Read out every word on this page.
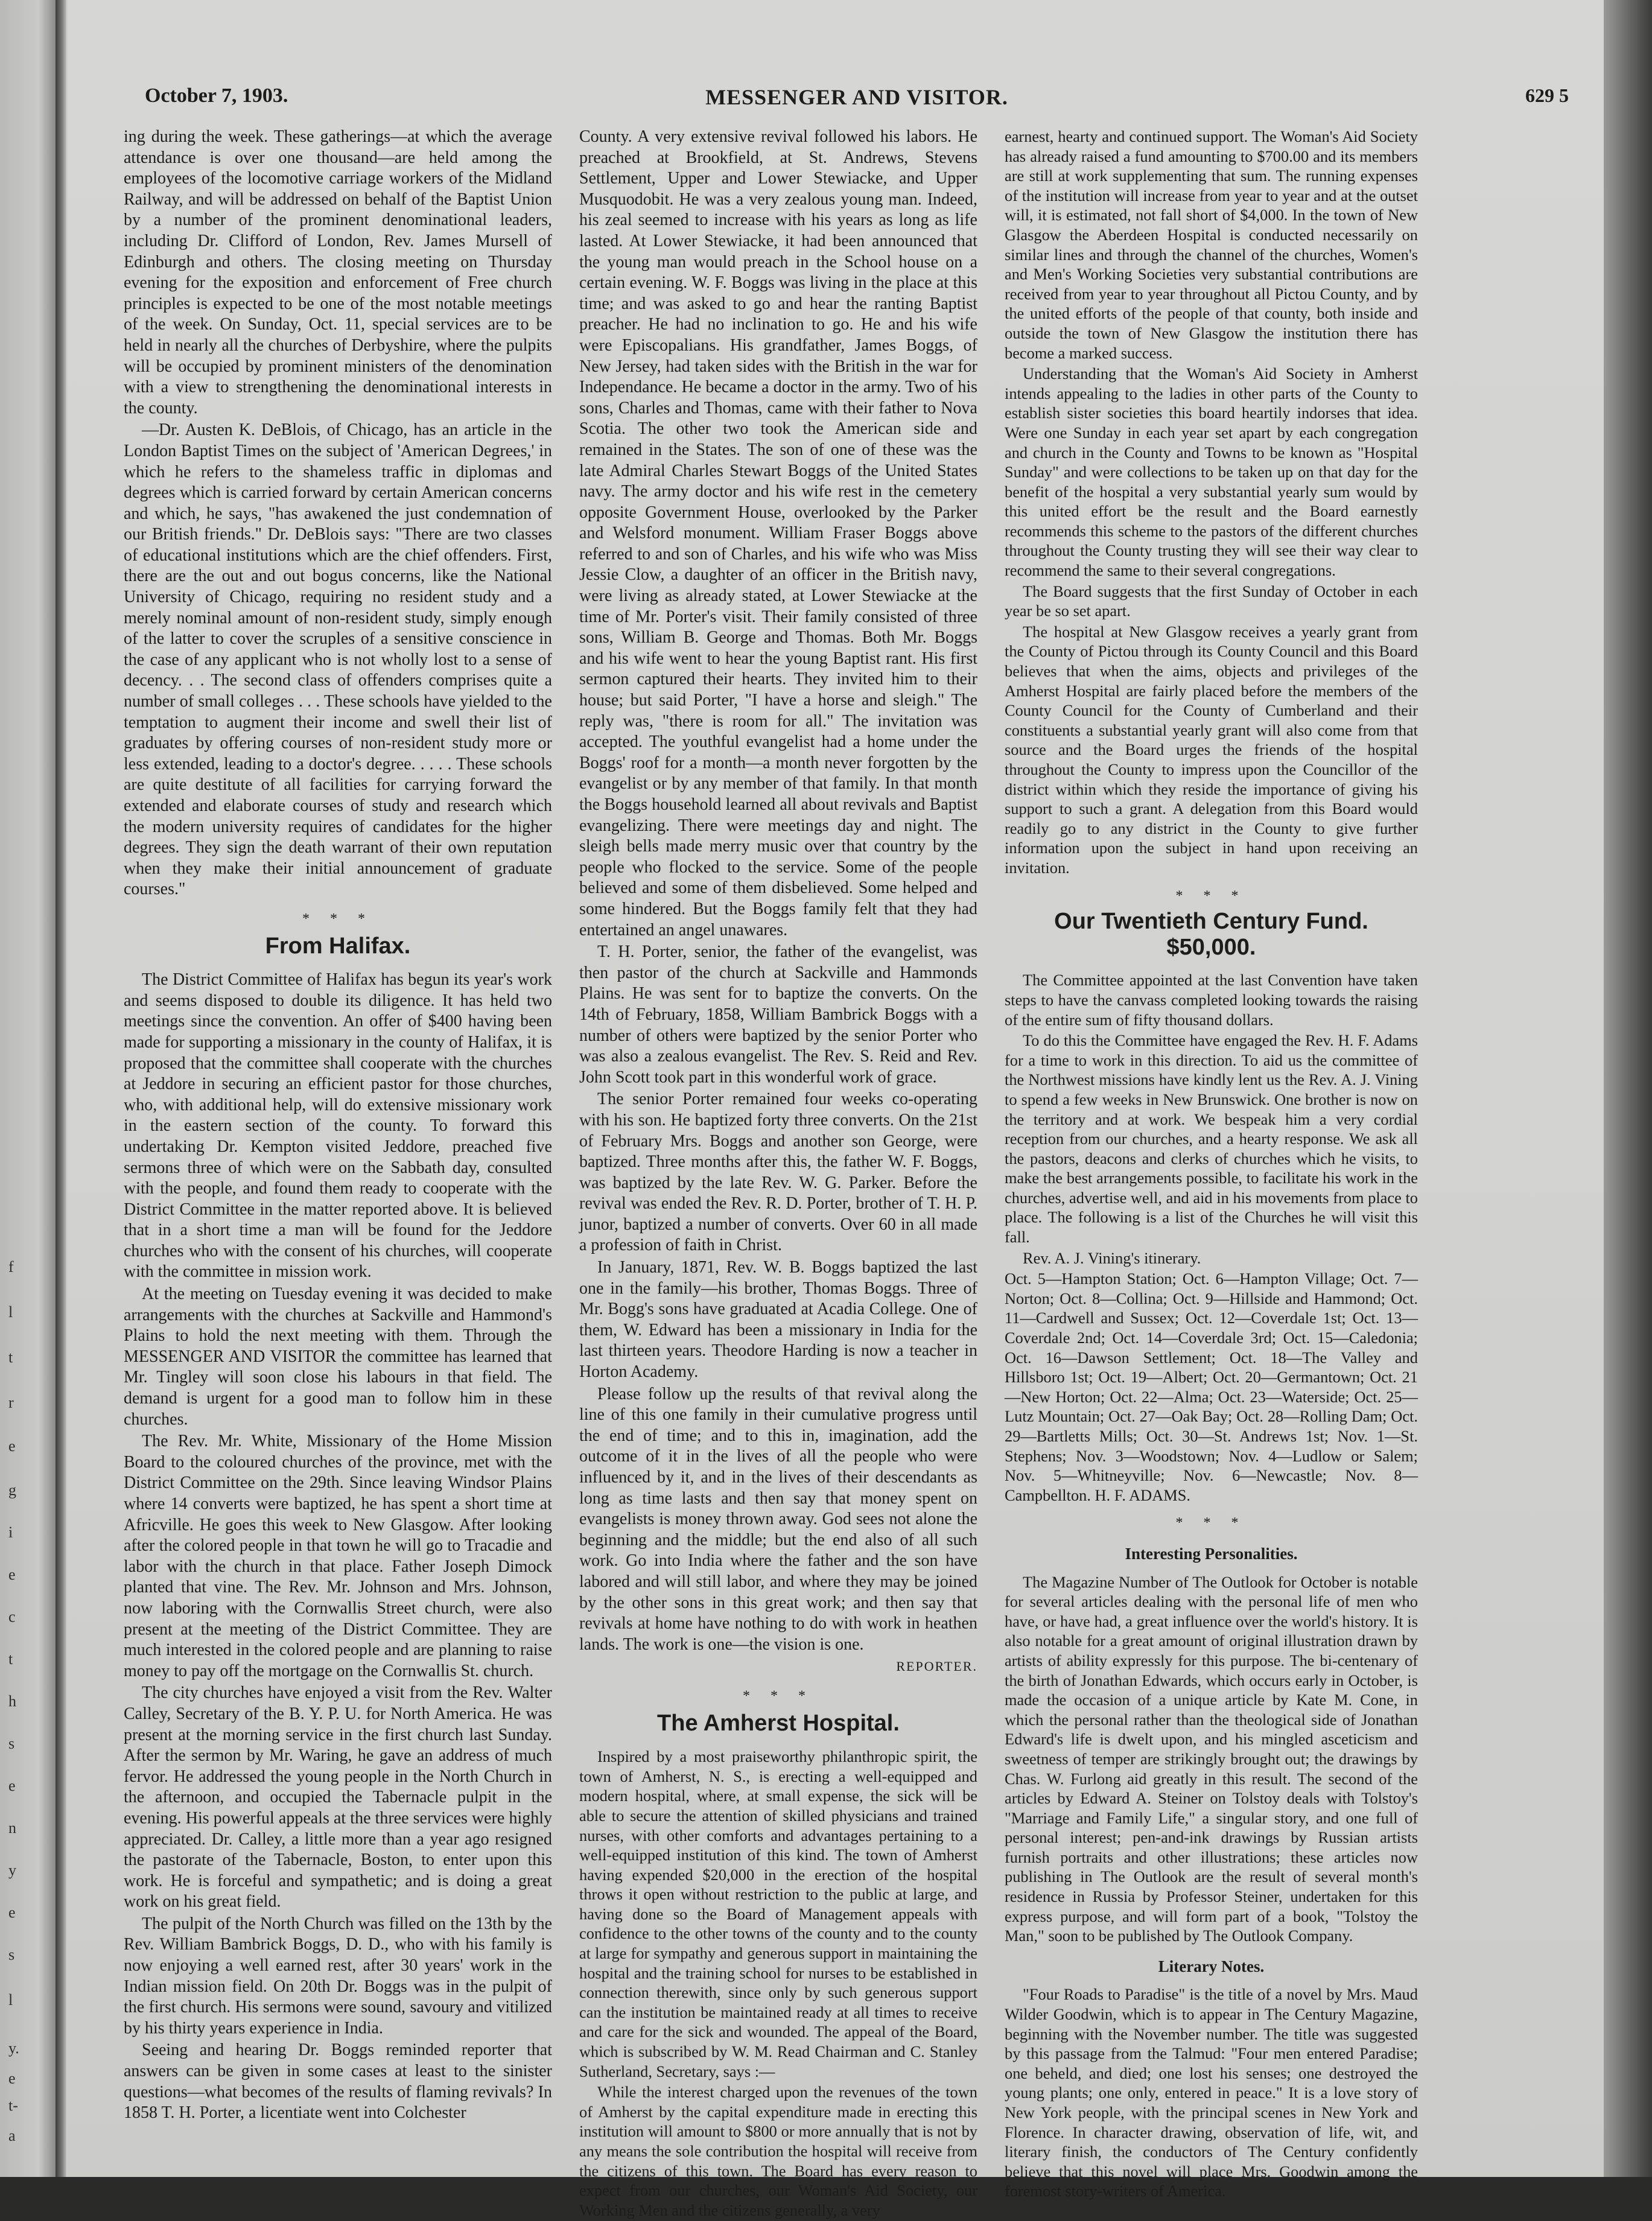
f
l
t
r
e
g
i
e
c
t
h
s
e
n
y
e
s
l
y.
e
t-
a
October 7, 1903.	MESSENGER AND VISITOR.	629 5

ing during the week. These gatherings—at which the average attendance is over one thousand—are held among the employees of the locomotive carriage workers of the Midland Railway, and will be addressed on behalf of the Baptist Union by a number of the prominent denominational leaders, including Dr. Clifford of London, Rev. James Mursell of Edinburgh and others. The closing meeting on Thursday evening for the exposition and enforcement of Free church principles is expected to be one of the most notable meetings of the week. On Sunday, Oct. 11, special services are to be held in nearly all the churches of Derbyshire, where the pulpits will be occupied by prominent ministers of the denomination with a view to strengthening the denominational interests in the county.

—Dr. Austen K. DeBlois, of Chicago, has an article in the London Baptist Times on the subject of 'American Degrees,' in which he refers to the shameless traffic in diplomas and degrees which is carried forward by certain American concerns and which, he says, "has awakened the just condemnation of our British friends." Dr. DeBlois says: "There are two classes of educational institutions which are the chief offenders. First, there are the out and out bogus concerns, like the National University of Chicago, requiring no resident study and a merely nominal amount of non-resident study, simply enough of the latter to cover the scruples of a sensitive conscience in the case of any applicant who is not wholly lost to a sense of decency. . . The second class of offenders comprises quite a number of small colleges . . . These schools have yielded to the temptation to augment their income and swell their list of graduates by offering courses of non-resident study more or less extended, leading to a doctor's degree. . . . . These schools are quite destitute of all facilities for carrying forward the extended and elaborate courses of study and research which the modern university requires of candidates for the higher degrees. They sign the death warrant of their own reputation when they make their initial announcement of graduate courses."

* * *
From Halifax.

The District Committee of Halifax has begun its year's work and seems disposed to double its diligence. It has held two meetings since the convention. An offer of $400 having been made for supporting a missionary in the county of Halifax, it is proposed that the committee shall cooperate with the churches at Jeddore in securing an efficient pastor for those churches, who, with additional help, will do extensive missionary work in the eastern section of the county. To forward this undertaking Dr. Kempton visited Jeddore, preached five sermons three of which were on the Sabbath day, consulted with the people, and found them ready to cooperate with the District Committee in the matter reported above. It is believed that in a short time a man will be found for the Jeddore churches who with the consent of his churches, will cooperate with the committee in mission work.

At the meeting on Tuesday evening it was decided to make arrangements with the churches at Sackville and Hammond's Plains to hold the next meeting with them. Through the MESSENGER AND VISITOR the committee has learned that Mr. Tingley will soon close his labours in that field. The demand is urgent for a good man to follow him in these churches.

The Rev. Mr. White, Missionary of the Home Mission Board to the coloured churches of the province, met with the District Committee on the 29th. Since leaving Windsor Plains where 14 converts were baptized, he has spent a short time at Africville. He goes this week to New Glasgow. After looking after the colored people in that town he will go to Tracadie and labor with the church in that place. Father Joseph Dimock planted that vine. The Rev. Mr. Johnson and Mrs. Johnson, now laboring with the Cornwallis Street church, were also present at the meeting of the District Committee. They are much interested in the colored people and are planning to raise money to pay off the mortgage on the Cornwallis St. church.

The city churches have enjoyed a visit from the Rev. Walter Calley, Secretary of the B. Y. P. U. for North America. He was present at the morning service in the first church last Sunday. After the sermon by Mr. Waring, he gave an address of much fervor. He addressed the young people in the North Church in the afternoon, and occupied the Tabernacle pulpit in the evening. His powerful appeals at the three services were highly appreciated. Dr. Calley, a little more than a year ago resigned the pastorate of the Tabernacle, Boston, to enter upon this work. He is forceful and sympathetic; and is doing a great work on his great field.

The pulpit of the North Church was filled on the 13th by the Rev. William Bambrick Boggs, D. D., who with his family is now enjoying a well earned rest, after 30 years' work in the Indian mission field. On 20th Dr. Boggs was in the pulpit of the first church. His sermons were sound, savoury and vitilized by his thirty years experience in India.

Seeing and hearing Dr. Boggs reminded reporter that answers can be given in some cases at least to the sinister questions—what becomes of the results of flaming revivals? In 1858 T. H. Porter, a licentiate went into Colchester

County. A very extensive revival followed his labors. He preached at Brookfield, at St. Andrews, Stevens Settlement, Upper and Lower Stewiacke, and Upper Musquodobit. He was a very zealous young man. Indeed, his zeal seemed to increase with his years as long as life lasted. At Lower Stewiacke, it had been announced that the young man would preach in the School house on a certain evening. W. F. Boggs was living in the place at this time; and was asked to go and hear the ranting Baptist preacher. He had no inclination to go. He and his wife were Episcopalians. His grandfather, James Boggs, of New Jersey, had taken sides with the British in the war for Independance. He became a doctor in the army. Two of his sons, Charles and Thomas, came with their father to Nova Scotia. The other two took the American side and remained in the States. The son of one of these was the late Admiral Charles Stewart Boggs of the United States navy. The army doctor and his wife rest in the cemetery opposite Government House, overlooked by the Parker and Welsford monument. William Fraser Boggs above referred to and son of Charles, and his wife who was Miss Jessie Clow, a daughter of an officer in the British navy, were living as already stated, at Lower Stewiacke at the time of Mr. Porter's visit. Their family consisted of three sons, William B. George and Thomas. Both Mr. Boggs and his wife went to hear the young Baptist rant. His first sermon captured their hearts. They invited him to their house; but said Porter, "I have a horse and sleigh." The reply was, "there is room for all." The invitation was accepted. The youthful evangelist had a home under the Boggs' roof for a month—a month never forgotten by the evangelist or by any member of that family. In that month the Boggs household learned all about revivals and Baptist evangelizing. There were meetings day and night. The sleigh bells made merry music over that country by the people who flocked to the service. Some of the people believed and some of them disbelieved. Some helped and some hindered. But the Boggs family felt that they had entertained an angel unawares.

T. H. Porter, senior, the father of the evangelist, was then pastor of the church at Sackville and Hammonds Plains. He was sent for to baptize the converts. On the 14th of February, 1858, William Bambrick Boggs with a number of others were baptized by the senior Porter who was also a zealous evangelist. The Rev. S. Reid and Rev. John Scott took part in this wonderful work of grace.

The senior Porter remained four weeks co-operating with his son. He baptized forty three converts. On the 21st of February Mrs. Boggs and another son George, were baptized. Three months after this, the father W. F. Boggs, was baptized by the late Rev. W. G. Parker. Before the revival was ended the Rev. R. D. Porter, brother of T. H. P. junor, baptized a number of converts. Over 60 in all made a profession of faith in Christ.

In January, 1871, Rev. W. B. Boggs baptized the last one in the family—his brother, Thomas Boggs. Three of Mr. Bogg's sons have graduated at Acadia College. One of them, W. Edward has been a missionary in India for the last thirteen years. Theodore Harding is now a teacher in Horton Academy.

Please follow up the results of that revival along the line of this one family in their cumulative progress until the end of time; and to this in, imagination, add the outcome of it in the lives of all the people who were influenced by it, and in the lives of their descendants as long as time lasts and then say that money spent on evangelists is money thrown away. God sees not alone the beginning and the middle; but the end also of all such work. Go into India where the father and the son have labored and will still labor, and where they may be joined by the other sons in this great work; and then say that revivals at home have nothing to do with work in heathen lands. The work is one—the vision is one.

REPORTER.
* * *
The Amherst Hospital.

Inspired by a most praiseworthy philanthropic spirit, the town of Amherst, N. S., is erecting a well-equipped and modern hospital, where, at small expense, the sick will be able to secure the attention of skilled physicians and trained nurses, with other comforts and advantages pertaining to a well-equipped institution of this kind. The town of Amherst having expended $20,000 in the erection of the hospital throws it open without restriction to the public at large, and having done so the Board of Management appeals with confidence to the other towns of the county and to the county at large for sympathy and generous support in maintaining the hospital and the training school for nurses to be established in connection therewith, since only by such generous support can the institution be maintained ready at all times to receive and care for the sick and wounded. The appeal of the Board, which is subscribed by W. M. Read Chairman and C. Stanley Sutherland, Secretary, says :—

While the interest charged upon the revenues of the town of Amherst by the capital expenditure made in erecting this institution will amount to $800 or more annually that is not by any means the sole contribution the hospital will receive from the citizens of this town. The Board has every reason to expect from our churches, our Woman's Aid Society, our Working Men and the citizens generally, a very

earnest, hearty and continued support. The Woman's Aid Society has already raised a fund amounting to $700.00 and its members are still at work supplementing that sum. The running expenses of the institution will increase from year to year and at the outset will, it is estimated, not fall short of $4,000. In the town of New Glasgow the Aberdeen Hospital is conducted necessarily on similar lines and through the channel of the churches, Women's and Men's Working Societies very substantial contributions are received from year to year throughout all Pictou County, and by the united efforts of the people of that county, both inside and outside the town of New Glasgow the institution there has become a marked success.

Understanding that the Woman's Aid Society in Amherst intends appealing to the ladies in other parts of the County to establish sister societies this board heartily indorses that idea. Were one Sunday in each year set apart by each congregation and church in the County and Towns to be known as "Hospital Sunday" and were collections to be taken up on that day for the benefit of the hospital a very substantial yearly sum would by this united effort be the result and the Board earnestly recommends this scheme to the pastors of the different churches throughout the County trusting they will see their way clear to recommend the same to their several congregations.

The Board suggests that the first Sunday of October in each year be so set apart.

The hospital at New Glasgow receives a yearly grant from the County of Pictou through its County Council and this Board believes that when the aims, objects and privileges of the Amherst Hospital are fairly placed before the members of the County Council for the County of Cumberland and their constituents a substantial yearly grant will also come from that source and the Board urges the friends of the hospital throughout the County to impress upon the Councillor of the district within which they reside the importance of giving his support to such a grant. A delegation from this Board would readily go to any district in the County to give further information upon the subject in hand upon receiving an invitation.

* * *
Our Twentieth Century Fund.
$50,000.

The Committee appointed at the last Convention have taken steps to have the canvass completed looking towards the raising of the entire sum of fifty thousand dollars.

To do this the Committee have engaged the Rev. H. F. Adams for a time to work in this direction. To aid us the committee of the Northwest missions have kindly lent us the Rev. A. J. Vining to spend a few weeks in New Brunswick. One brother is now on the territory and at work. We bespeak him a very cordial reception from our churches, and a hearty response. We ask all the pastors, deacons and clerks of churches which he visits, to make the best arrangements possible, to facilitate his work in the churches, advertise well, and aid in his movements from place to place. The following is a list of the Churches he will visit this fall.

Rev. A. J. Vining's itinerary.

Oct. 5—Hampton Station; Oct. 6—Hampton Village; Oct. 7—Norton; Oct. 8—Collina; Oct. 9—Hillside and Hammond; Oct. 11—Cardwell and Sussex; Oct. 12—Coverdale 1st; Oct. 13—Coverdale 2nd; Oct. 14—Coverdale 3rd; Oct. 15—Caledonia; Oct. 16—Dawson Settlement; Oct. 18—The Valley and Hillsboro 1st; Oct. 19—Albert; Oct. 20—Germantown; Oct. 21—New Horton; Oct. 22—Alma; Oct. 23—Waterside; Oct. 25—Lutz Mountain; Oct. 27—Oak Bay; Oct. 28—Rolling Dam; Oct. 29—Bartletts Mills; Oct. 30—St. Andrews 1st; Nov. 1—St. Stephens; Nov. 3—Woodstown; Nov. 4—Ludlow or Salem; Nov. 5—Whitneyville; Nov. 6—Newcastle; Nov. 8—Campbellton. H. F. ADAMS.

* * *
Interesting Personalities.

The Magazine Number of The Outlook for October is notable for several articles dealing with the personal life of men who have, or have had, a great influence over the world's history. It is also notable for a great amount of original illustration drawn by artists of ability expressly for this purpose. The bi-centenary of the birth of Jonathan Edwards, which occurs early in October, is made the occasion of a unique article by Kate M. Cone, in which the personal rather than the theological side of Jonathan Edward's life is dwelt upon, and his mingled asceticism and sweetness of temper are strikingly brought out; the drawings by Chas. W. Furlong aid greatly in this result. The second of the articles by Edward A. Steiner on Tolstoy deals with Tolstoy's "Marriage and Family Life," a singular story, and one full of personal interest; pen-and-ink drawings by Russian artists furnish portraits and other illustrations; these articles now publishing in The Outlook are the result of several month's residence in Russia by Professor Steiner, undertaken for this express purpose, and will form part of a book, "Tolstoy the Man," soon to be published by The Outlook Company.

Literary Notes.

"Four Roads to Paradise" is the title of a novel by Mrs. Maud Wilder Goodwin, which is to appear in The Century Magazine, beginning with the November number. The title was suggested by this passage from the Talmud: "Four men entered Paradise; one beheld, and died; one lost his senses; one destroyed the young plants; one only, entered in peace." It is a love story of New York people, with the principal scenes in New York and Florence. In character drawing, observation of life, wit, and literary finish, the conductors of The Century confidently believe that this novel will place Mrs. Goodwin among the foremost story-writers of America.
